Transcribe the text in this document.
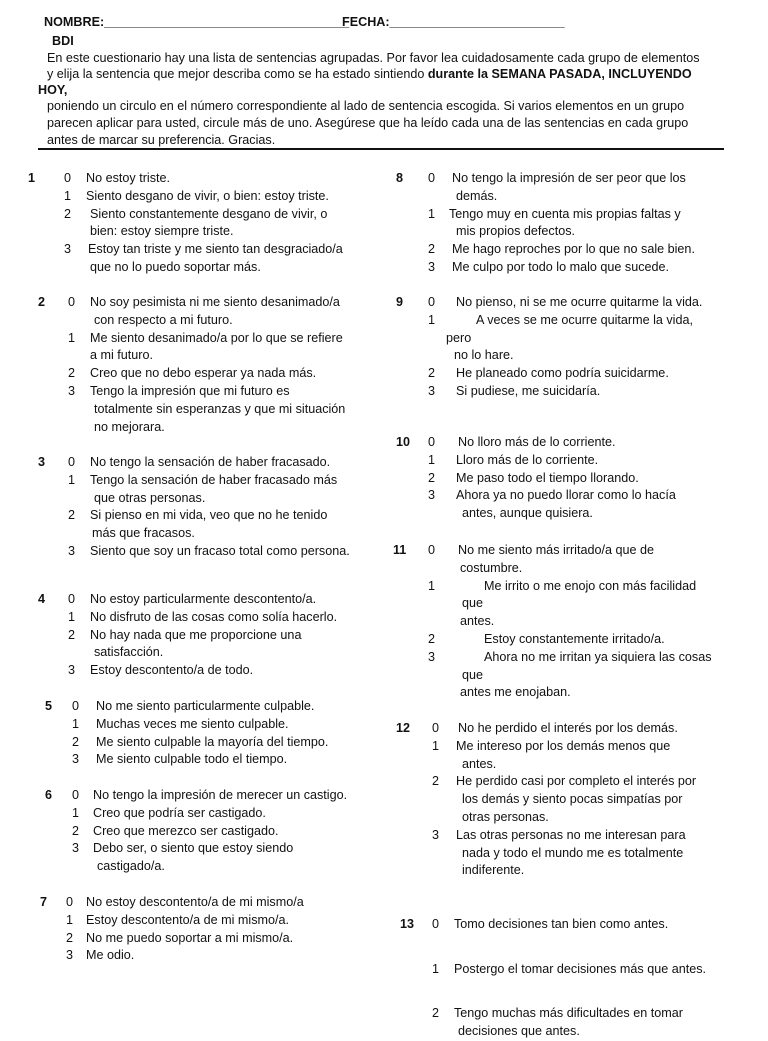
NOMBRE:___________________________________
FECHA:_________________________
BDI
En este cuestionario hay una lista de sentencias agrupadas. Por favor lea cuidadosamente cada grupo de elementos
y elija la sentencia que mejor describa como se ha estado sintiendo durante la SEMANA PASADA, INCLUYENDO
HOY,
poniendo un circulo en el número correspondiente al lado de sentencia escogida. Si varios elementos en un grupo
parecen aplicar para usted, circule más de uno. Asegúrese que ha leído cada una de las sentencias en cada grupo
antes de marcar su preferencia. Gracias.
1 0 No estoy triste.
1 Siento desgano de vivir, o bien: estoy triste.
2 Siento constantemente desgano de vivir, o
bien: estoy siempre triste.
3 Estoy tan triste y me siento tan desgraciado/a
que no lo puedo soportar más.
2 0 No soy pesimista ni me siento desanimado/a
con respecto a mi futuro.
1 Me siento desanimado/a por lo que se refiere
a mi futuro.
2 Creo que no debo esperar ya nada más.
3 Tengo la impresión que mi futuro es
totalmente sin esperanzas y que mi situación
no mejorara.
3 0 No tengo la sensación de haber fracasado.
1 Tengo la sensación de haber fracasado más
que otras personas.
2 Si pienso en mi vida, veo que no he tenido
más que fracasos.
3 Siento que soy un fracaso total como persona.
4 0 No estoy particularmente descontento/a.
1 No disfruto de las cosas como solía hacerlo.
2 No hay nada que me proporcione una
satisfacción.
3 Estoy descontento/a de todo.
5 0 No me siento particularmente culpable.
1 Muchas veces me siento culpable.
2 Me siento culpable la mayoría del tiempo.
3 Me siento culpable todo el tiempo.
6 0 No tengo la impresión de merecer un castigo.
1 Creo que podría ser castigado.
2 Creo que merezco ser castigado.
3 Debo ser, o siento que estoy siendo
castigado/a.
7 0 No estoy descontento/a de mi mismo/a
1 Estoy descontento/a de mi mismo/a.
2 No me puedo soportar a mi mismo/a.
3 Me odio.
8 0 No tengo la impresión de ser peor que los
demás.
1 Tengo muy en cuenta mis propias faltas y
mis propios defectos.
2 Me hago reproches por lo que no sale bien.
3 Me culpo por todo lo malo que sucede.
9 0 No pienso, ni se me ocurre quitarme la vida.
1	A veces se me ocurre quitarme la vida,
pero
no lo hare.
2 He planeado como podría suicidarme.
3 Si pudiese, me suicidaría.
10 0 No lloro más de lo corriente.
1 Lloro más de lo corriente.
2 Me paso todo el tiempo llorando.
3 Ahora ya no puedo llorar como lo hacía
antes, aunque quisiera.
11 0 No me siento más irritado/a que de
costumbre.
1	Me irrito o me enojo con más facilidad
que
antes.
2	Estoy constantemente irritado/a.
3	Ahora no me irritan ya siquiera las cosas
que
antes me enojaban.
12 0 No he perdido el interés por los demás.
1 Me intereso por los demás menos que
antes.
2 He perdido casi por completo el interés por
los demás y siento pocas simpatías por
otras personas.
3 Las otras personas no me interesan para
nada y todo el mundo me es totalmente
indiferente.
13 0 Tomo decisiones tan bien como antes.
1 Postergo el tomar decisiones más que antes.
2 Tengo muchas más dificultades en tomar
decisiones que antes.
